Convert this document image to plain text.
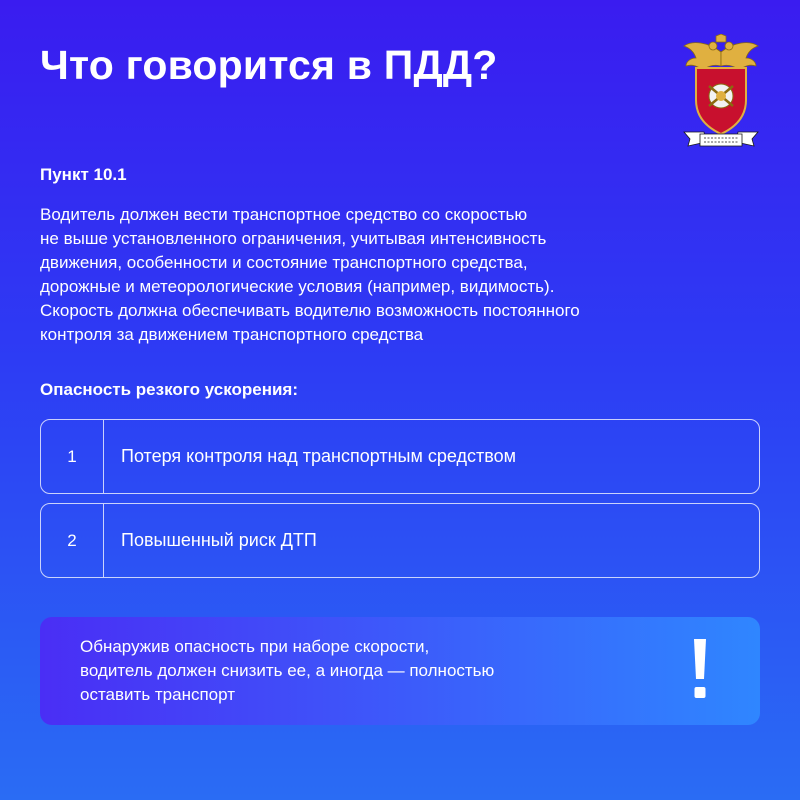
Что говорится в ПДД?
Пункт 10.1
Водитель должен вести транспортное средство со скоростью
не выше установленного ограничения, учитывая интенсивность
движения, особенности и состояние транспортного средства,
дорожные и метеорологические условия (например, видимость).
Скорость должна обеспечивать водителю возможность постоянного
контроля за движением транспортного средства
Опасность резкого ускорения:
1	Потеря контроля над транспортным средством
2	Повышенный риск ДТП
Обнаружив опасность при наборе скорости,
водитель должен снизить ее, а иногда — полностью
оставить транспорт
